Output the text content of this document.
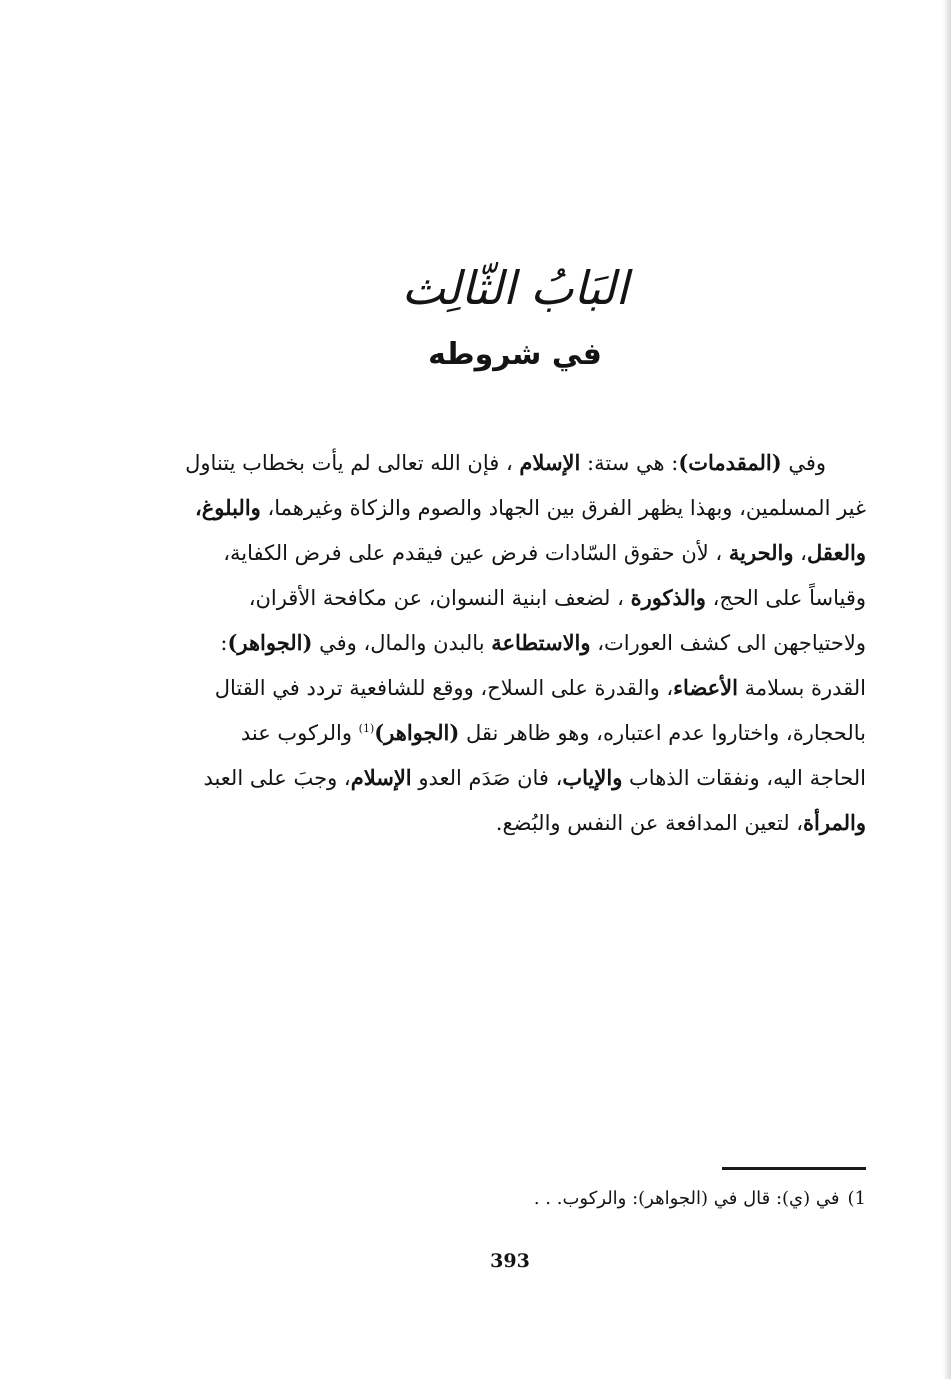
البَابُ الثّالِث
في شروطه
وفي (المقدمات): هي ستة: الإسلام ، فإن الله تعالى لم يأت بخطاب يتناول
غير المسلمين، وبهذا يظهر الفرق بين الجهاد والصوم والزكاة وغيرهما، والبلوغ،
والعقل، والحرية ، لأن حقوق السّادات فرض عين فيقدم على فرض الكفاية،
وقياساً على الحج، والذكورة ، لضعف ابنية النسوان، عن مكافحة الأقران،
ولاحتياجهن الى كشف العورات، والاستطاعة بالبدن والمال، وفي (الجواهر):
القدرة بسلامة الأعضاء، والقدرة على السلاح، ووقع للشافعية تردد في القتال
بالحجارة، واختاروا عدم اعتباره، وهو ظاهر نقل (الجواهر)$^{(1)}$ والركوب عند
الحاجة اليه، ونفقات الذهاب والإياب، فان صَدَم العدو الإسلام، وجبَ على العبد
والمرأة، لتعين المدافعة عن النفس والبُضع.
1)في (ي): قال في (الجواهر): والركوب. . .
393
